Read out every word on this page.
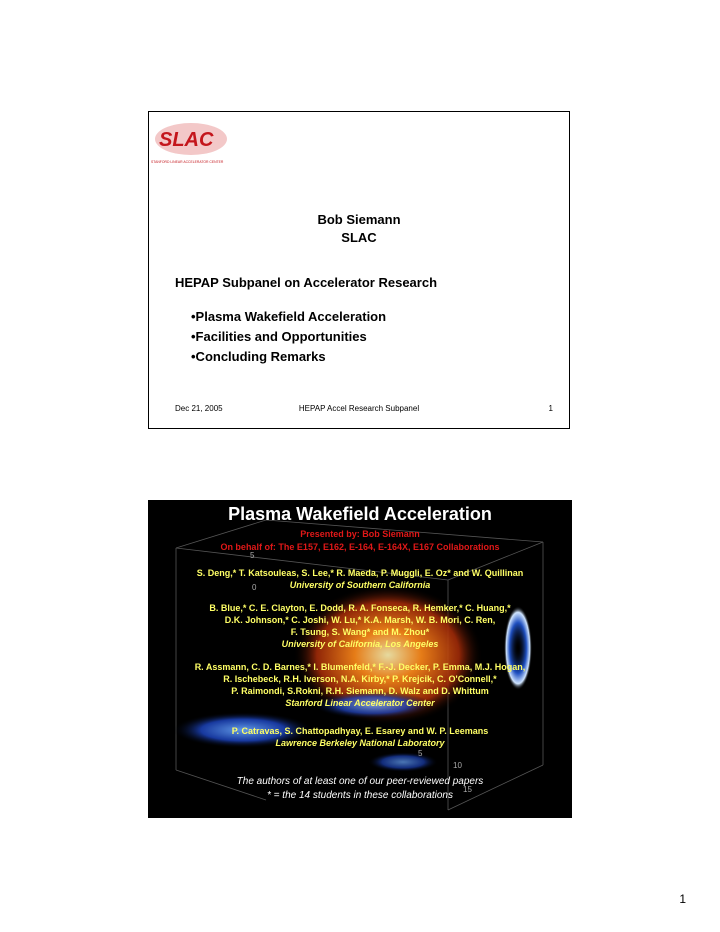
SLAC
STANFORD LINEAR ACCELERATOR CENTER
Bob Siemann
SLAC
HEPAP Subpanel on Accelerator Research
•Plasma Wakefield Acceleration
•Facilities and Opportunities
•Concluding Remarks
Dec 21, 2005	HEPAP Accel Research Subpanel	1
5
0
5
10
15
Plasma Wakefield Acceleration
Presented by: Bob Siemann
On behalf of: The E157, E162, E-164, E-164X, E167 Collaborations
S. Deng,* T. Katsouleas, S. Lee,* R. Maeda, P. Muggli, E. Oz* and W. Quillinan
University of Southern California
B. Blue,* C. E. Clayton, E. Dodd, R. A. Fonseca, R. Hemker,* C. Huang,*
D.K. Johnson,* C. Joshi, W. Lu,* K.A. Marsh, W. B. Mori, C. Ren,
F. Tsung, S. Wang* and M. Zhou*
University of California, Los Angeles
R. Assmann, C. D. Barnes,* I. Blumenfeld,* F.-J. Decker, P. Emma, M.J. Hogan,
R. Ischebeck, R.H. Iverson, N.A. Kirby,* P. Krejcik, C. O'Connell,*
P. Raimondi, S.Rokni, R.H. Siemann, D. Walz and D. Whittum
Stanford Linear Accelerator Center
P. Catravas, S. Chattopadhyay, E. Esarey and W. P. Leemans
Lawrence Berkeley National Laboratory
The authors of at least one of our peer-reviewed papers
* = the 14 students in these collaborations
1
